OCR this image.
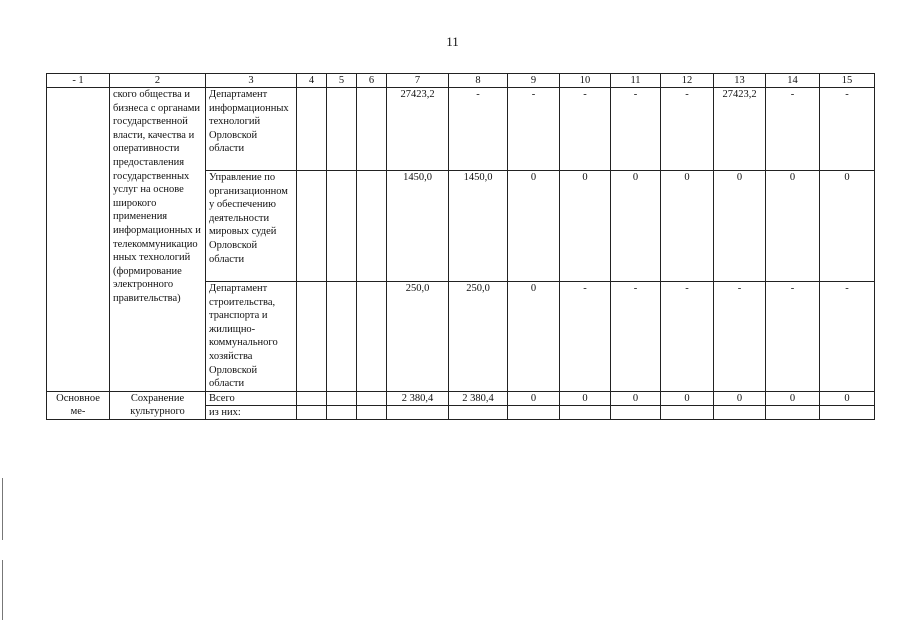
11
- 1	2	3	4	5	6	7	8	9	10	11	12	13	14	15
	ского общества и бизнеса с органами государственной власти, качества и оперативности предоставления государственных услуг на основе широкого применения информационных и телекоммуникационных технологий (формирование электронного правительства)	Департамент информационных технологий Орловской области				27423,2	-	-	-	-	-	27423,2	-	-
		Управление по организационному обеспечению деятельности мировых судей Орловской области				1450,0	1450,0	0	0	0	0	0	0	0
		Департамент строительства, транспорта и жилищно-коммунального хозяйства Орловской области				250,0	250,0	0	-	-	-	-	-	-
Основное ме-	Сохранение культурного	Всего				2 380,4	2 380,4	0	0	0	0	0	0	0
		из них:												
